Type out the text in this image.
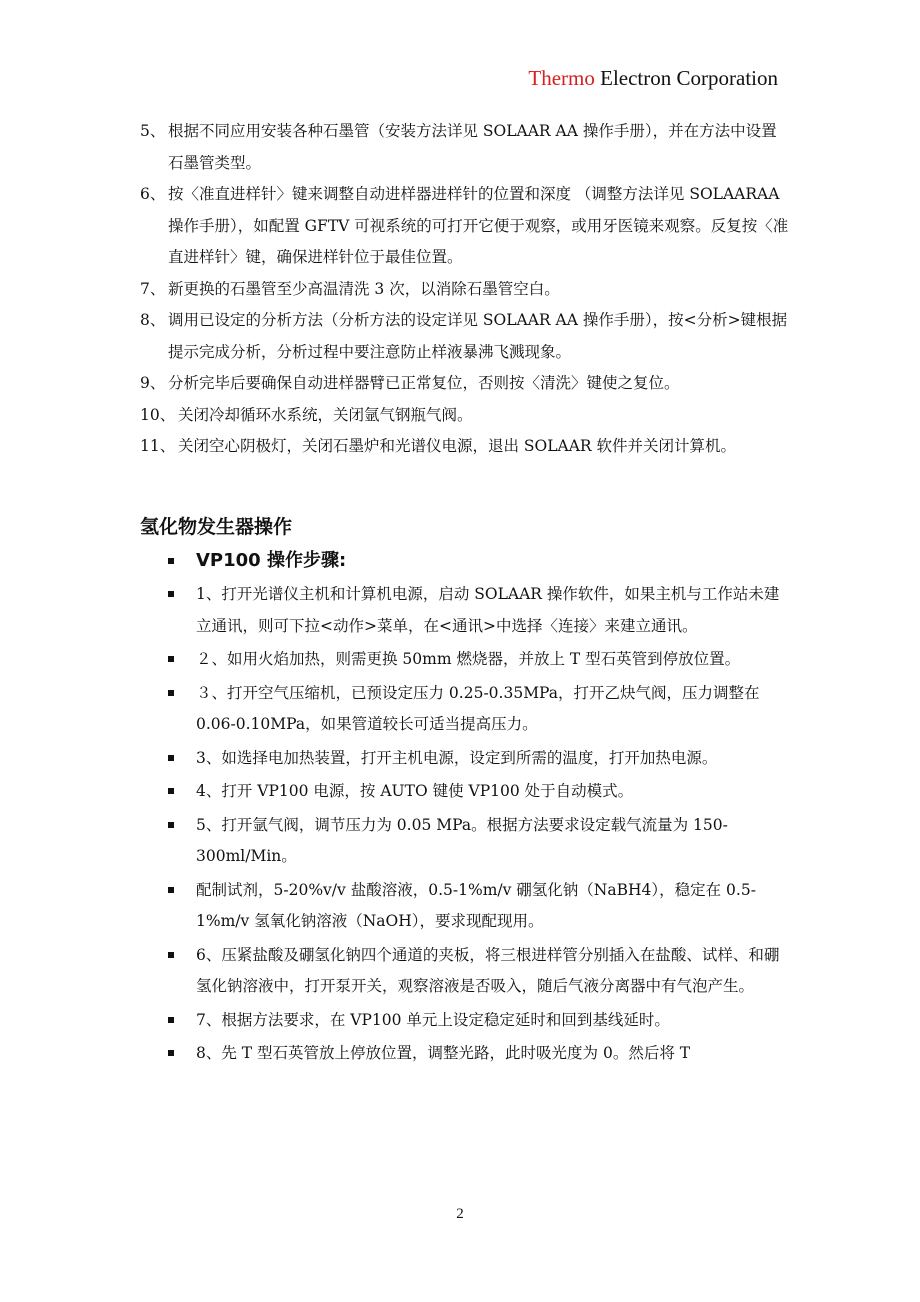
Thermo Electron Corporation
5、 根据不同应用安装各种石墨管（安装方法详见 SOLAAR AA 操作手册），并在方法中设置石墨管类型。
6、 按〈准直进样针〉键来调整自动进样器进样针的位置和深度 （调整方法详见 SOLAARAA 操作手册），如配置 GFTV 可视系统的可打开它便于观察，或用牙医镜来观察。反复按〈准直进样针〉键，确保进样针位于最佳位置。
7、 新更换的石墨管至少高温清洗 3 次，以消除石墨管空白。
8、 调用已设定的分析方法（分析方法的设定详见 SOLAAR AA 操作手册），按<分析>键根据提示完成分析，分析过程中要注意防止样液暴沸飞溅现象。
9、 分析完毕后要确保自动进样器臂已正常复位，否则按〈清洗〉键使之复位。
10、 关闭冷却循环水系统，关闭氩气钢瓶气阀。
11、 关闭空心阴极灯，关闭石墨炉和光谱仪电源，退出 SOLAAR 软件并关闭计算机。
氢化物发生器操作
VP100 操作步骤:
1、打开光谱仪主机和计算机电源，启动 SOLAAR 操作软件，如果主机与工作站未建立通讯，则可下拉<动作>菜单，在<通讯>中选择〈连接〉来建立通讯。
２、如用火焰加热，则需更换 50mm 燃烧器，并放上 T 型石英管到停放位置。
３、打开空气压缩机，已预设定压力 0.25-0.35MPa，打开乙炔气阀，压力调整在 0.06-0.10MPa，如果管道较长可适当提高压力。
3、如选择电加热装置，打开主机电源，设定到所需的温度，打开加热电源。
4、打开 VP100 电源，按 AUTO 键使 VP100 处于自动模式。
5、打开氩气阀，调节压力为 0.05 MPa。根据方法要求设定载气流量为 150-300ml/Min。
配制试剂，5-20%v/v 盐酸溶液，0.5-1%m/v 硼氢化钠（NaBH4），稳定在 0.5-1%m/v 氢氧化钠溶液（NaOH），要求现配现用。
6、压紧盐酸及硼氢化钠四个通道的夹板，将三根进样管分别插入在盐酸、试样、和硼氢化钠溶液中，打开泵开关，观察溶液是否吸入，随后气液分离器中有气泡产生。
7、根据方法要求，在 VP100 单元上设定稳定延时和回到基线延时。
8、先 T 型石英管放上停放位置，调整光路，此时吸光度为 0。然后将 T
2
